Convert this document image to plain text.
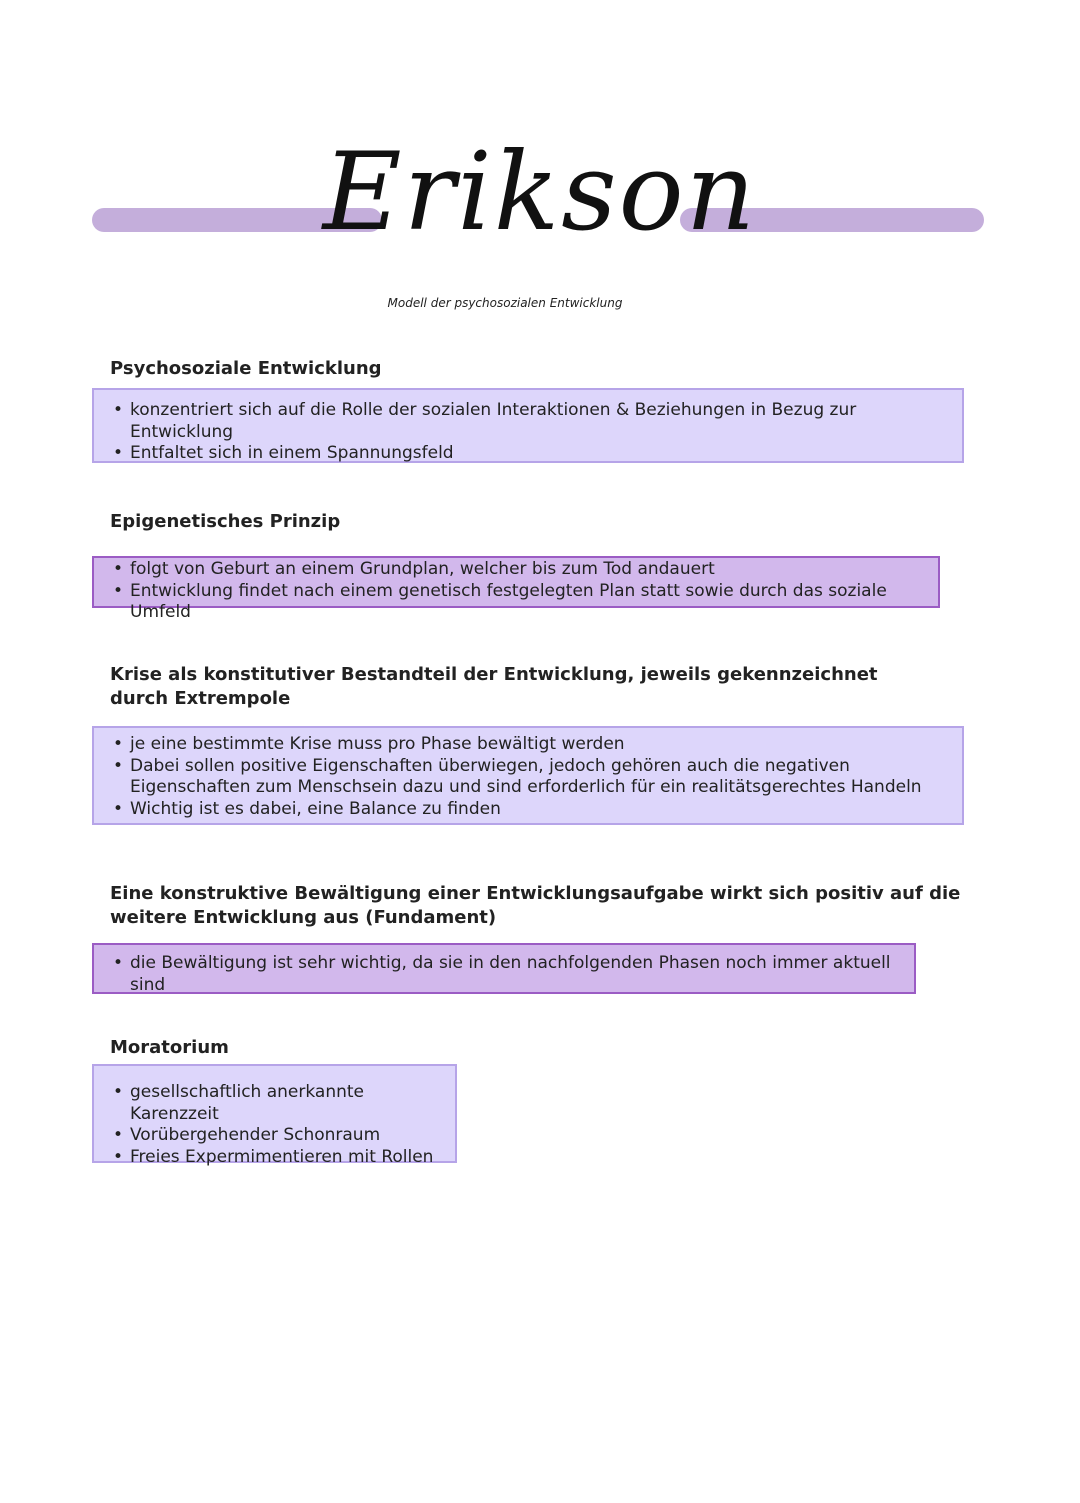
Erikson
Modell der psychosozialen Entwicklung
Psychosoziale Entwicklung
• konzentriert sich auf die Rolle der sozialen Interaktionen & Beziehungen in Bezug zur Entwicklung
• Entfaltet sich in einem Spannungsfeld
Epigenetisches Prinzip
• folgt von Geburt an einem Grundplan, welcher bis zum Tod andauert
• Entwicklung findet nach einem genetisch festgelegten Plan statt sowie durch das soziale Umfeld
Krise als konstitutiver Bestandteil der Entwicklung, jeweils gekennzeichnet durch Extrempole
• je eine bestimmte Krise muss pro Phase bewältigt werden
• Dabei sollen positive Eigenschaften überwiegen, jedoch gehören auch die negativen Eigenschaften zum Menschsein dazu und sind erforderlich für ein realitätsgerechtes Handeln
• Wichtig ist es dabei, eine Balance zu finden
Eine konstruktive Bewältigung einer Entwicklungsaufgabe wirkt sich positiv auf die weitere Entwicklung aus (Fundament)
• die Bewältigung ist sehr wichtig, da sie in den nachfolgenden Phasen noch immer aktuell sind
Moratorium
• gesellschaftlich anerkannte Karenzzeit
• Vorübergehender Schonraum
• Freies Expermimentieren mit Rollen
